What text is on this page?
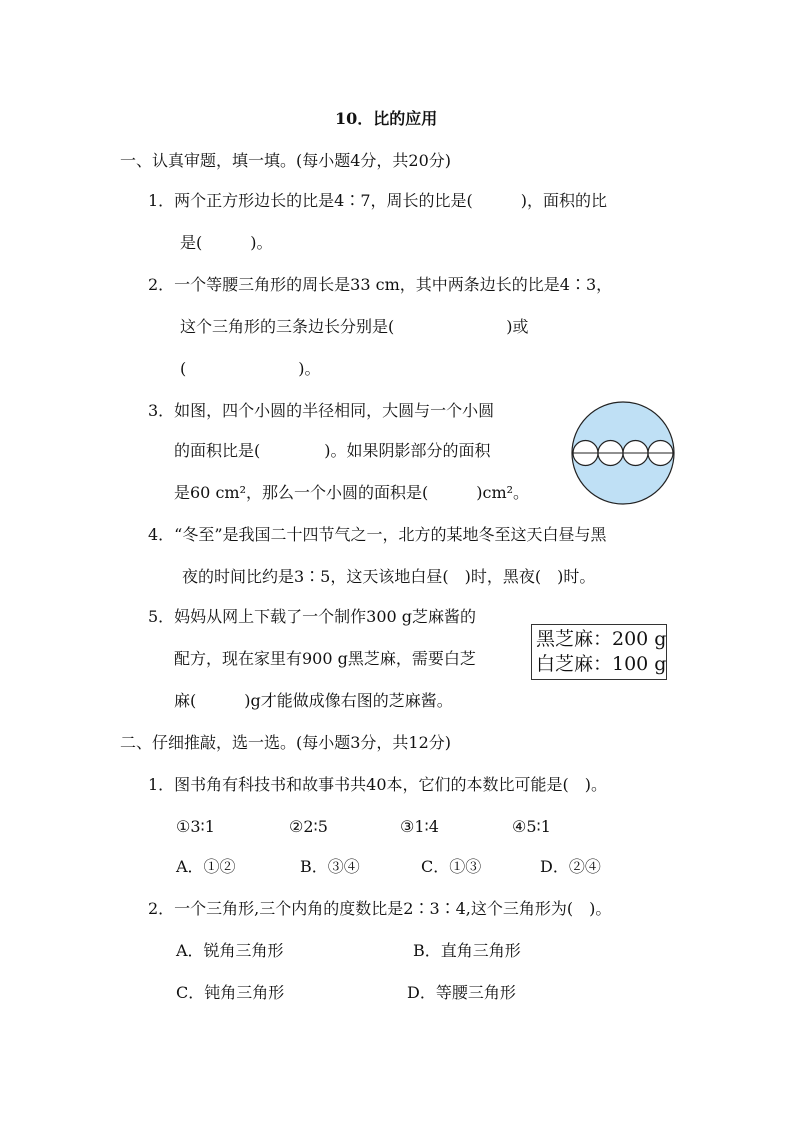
10．比的应用
一、认真审题，填一填。(每小题4分，共20分)
1．两个正方形边长的比是4∶7，周长的比是(　　　)，面积的比
是(　　　)。
2．一个等腰三角形的周长是33 cm，其中两条边长的比是4∶3，
这个三角形的三条边长分别是(　　　　　　　)或
(　　　　　　　)。
3．如图，四个小圆的半径相同，大圆与一个小圆
的面积比是(　　　　)。如果阴影部分的面积
是60 cm²，那么一个小圆的面积是(　　　)cm²。
4．“冬至”是我国二十四节气之一，北方的某地冬至这天白昼与黑
夜的时间比约是3∶5，这天该地白昼(　)时，黑夜(　)时。
5．妈妈从网上下载了一个制作300 g芝麻酱的
配方，现在家里有900 g黑芝麻，需要白芝
麻(　　　)g才能做成像右图的芝麻酱。
黑芝麻：200 g
白芝麻：100 g
二、仔细推敲，选一选。(每小题3分，共12分)
1．图书角有科技书和故事书共40本，它们的本数比可能是(　)。
①3∶1	②2∶5	③1∶4	④5∶1
A．①②	B．③④	C．①③	D．②④
2．一个三角形,三个内角的度数比是2∶3∶4,这个三角形为(　)。
A．锐角三角形	B．直角三角形
C．钝角三角形	D．等腰三角形
